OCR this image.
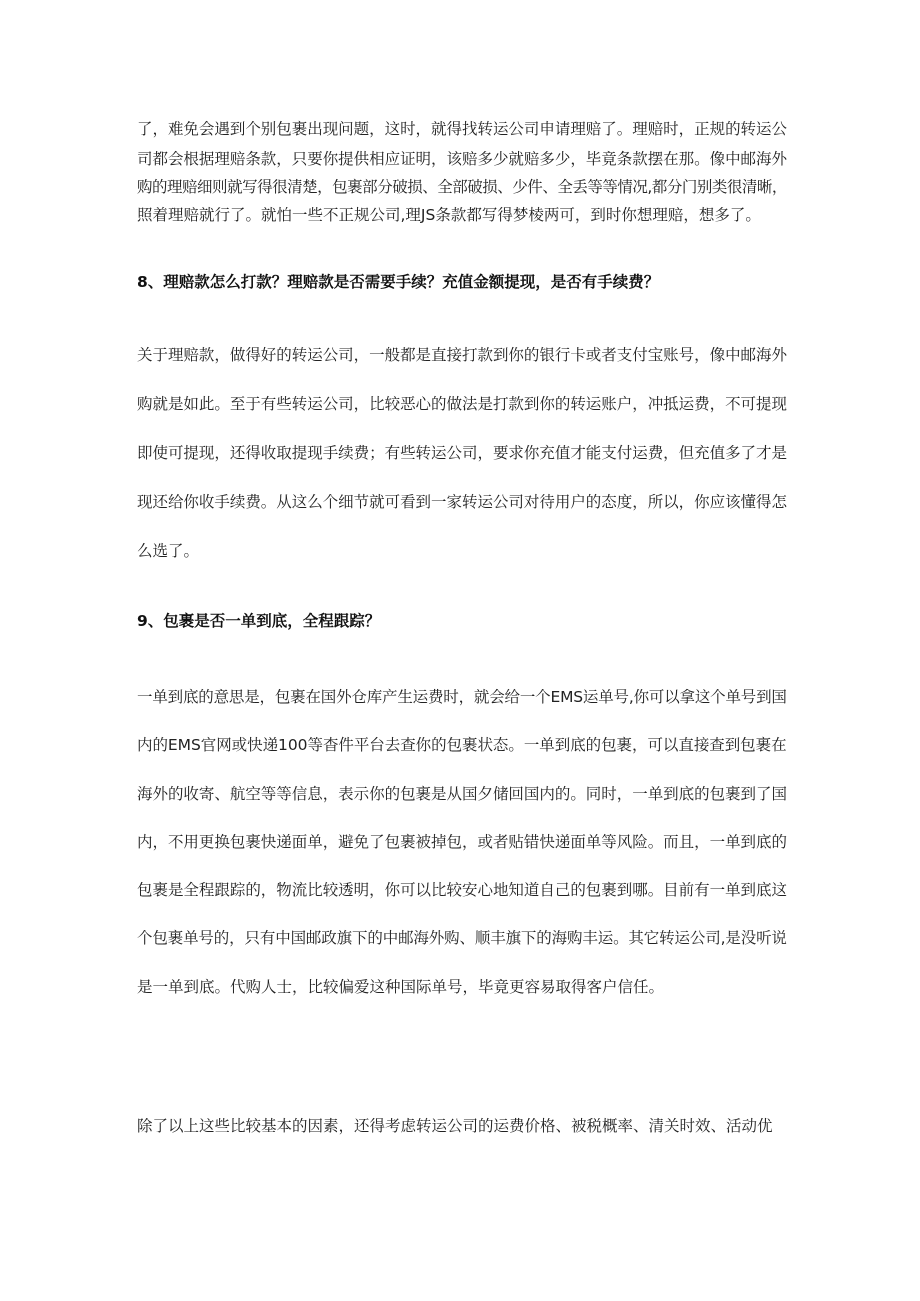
了，难免会遇到个别包裹出现问题，这时，就得找转运公司申请理赔了。理赔时，正规的转运公
司都会根据理赔条款，只要你提供相应证明，该赔多少就赔多少，毕竟条款摆在那。像中邮海外
购的理赔细则就写得很清楚，包裹部分破损、全部破损、少件、全丢等等情况,都分门别类很清晰，
照着理赔就行了。就怕一些不正规公司,理JS条款都写得梦棱两可，到时你想理赔，想多了。
8、理赔款怎么打款？理赔款是否需要手续？充值金额提现，是否有手续费？
关于理赔款，做得好的转运公司，一般都是直接打款到你的银行卡或者支付宝账号，像中邮海外
购就是如此。至于有些转运公司，比较恶心的做法是打款到你的转运账户，冲抵运费，不可提现
即使可提现，还得收取提现手续费；有些转运公司，要求你充值才能支付运费，但充值多了才是
现还给你收手续费。从这么个细节就可看到一家转运公司对待用户的态度，所以，你应该懂得怎
么选了。
9、包裹是否一单到底，全程跟踪？
一单到底的意思是，包裹在国外仓库产生运费时，就会给一个EMS运单号,你可以拿这个单号到国
内的EMS官网或快递100等杳件平台去查你的包裹状态。一单到底的包裹，可以直接查到包裹在
海外的收寄、航空等等信息，表示你的包裹是从国夕储回国内的。同时，一单到底的包裹到了国
内，不用更换包裹快递面单，避免了包裹被掉包，或者贴错快递面单等风险。而且，一单到底的
包裹是全程跟踪的，物流比较透明，你可以比较安心地知道自己的包裹到哪。目前有一单到底这
个包裹单号的，只有中国邮政旗下的中邮海外购、顺丰旗下的海购丰运。其它转运公司,是没听说
是一单到底。代购人士，比较偏爱这种国际单号，毕竟更容易取得客户信任。
除了以上这些比较基本的因素，还得考虑转运公司的运费价格、被税概率、清关时效、活动优
